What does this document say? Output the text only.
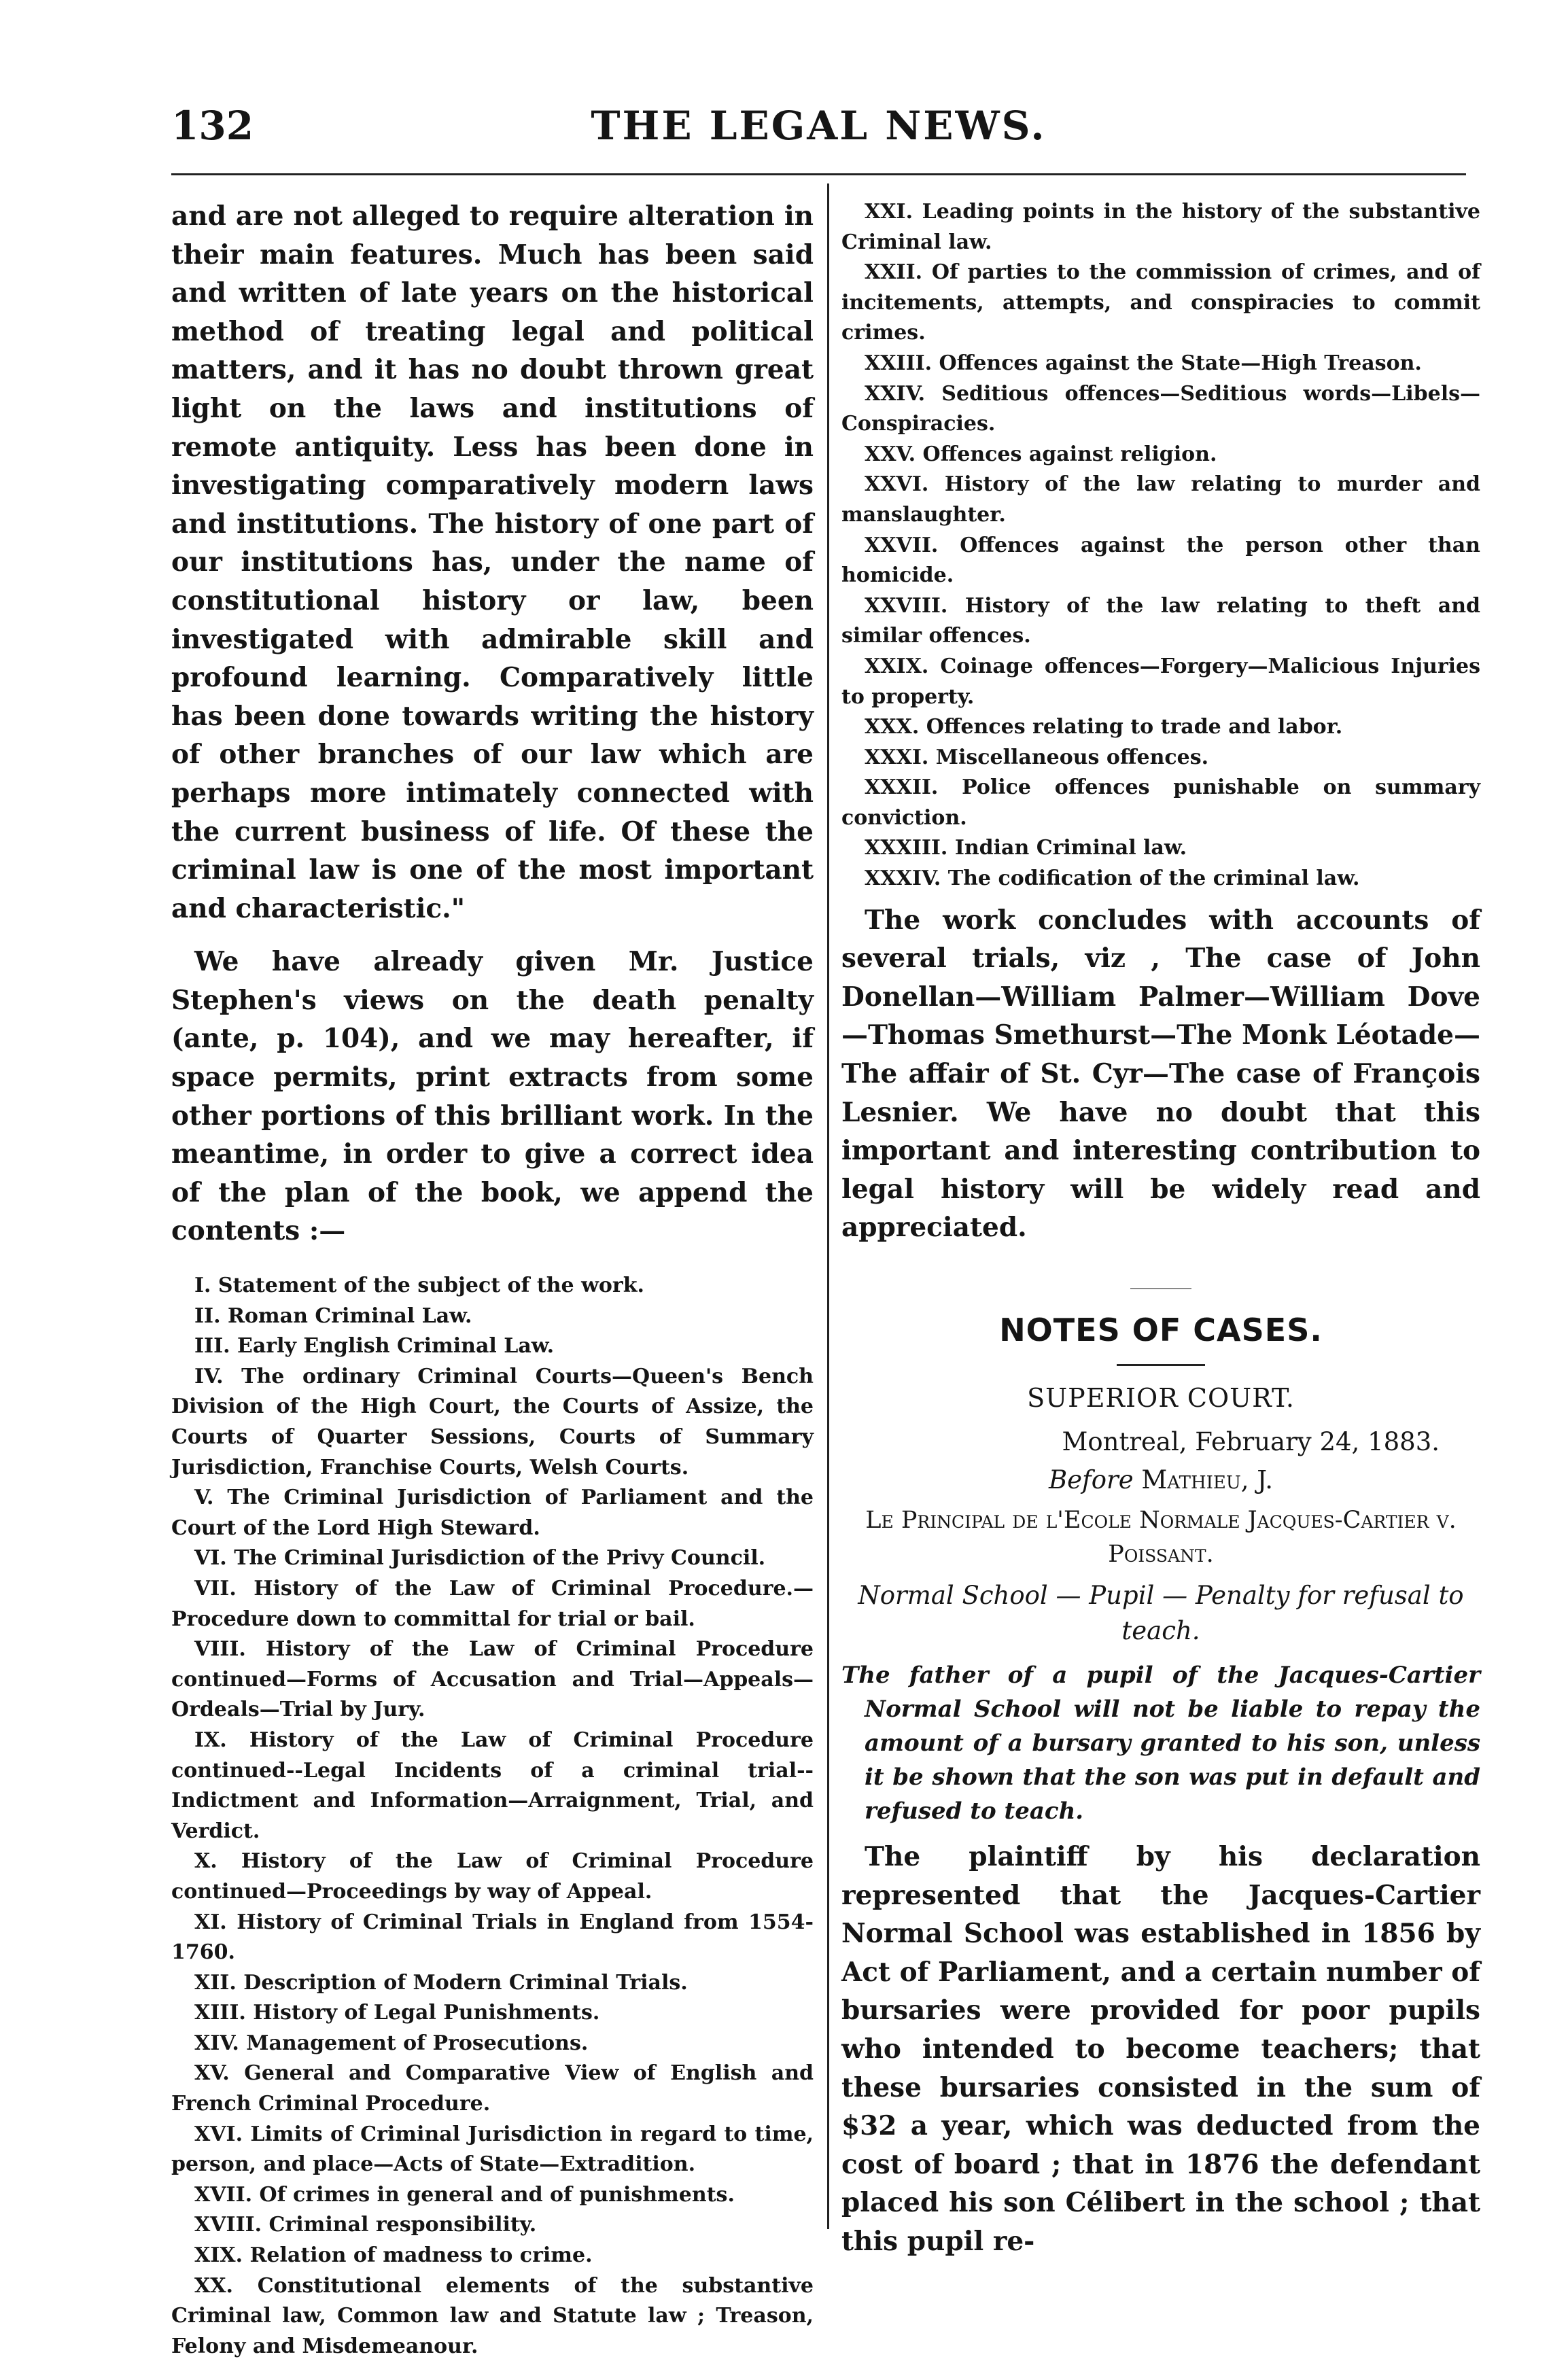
132	THE LEGAL NEWS.

and are not alleged to require alteration in their main features. Much has been said and written of late years on the historical method of treating legal and political matters, and it has no doubt thrown great light on the laws and institutions of remote antiquity. Less has been done in investigating comparatively modern laws and institutions. The history of one part of our institutions has, under the name of constitutional history or law, been investigated with admirable skill and profound learning. Comparatively little has been done towards writing the history of other branches of our law which are perhaps more intimately connected with the current business of life. Of these the criminal law is one of the most important and characteristic."

We have already given Mr. Justice Stephen's views on the death penalty (ante, p. 104), and we may hereafter, if space permits, print extracts from some other portions of this brilliant work. In the meantime, in order to give a correct idea of the plan of the book, we append the contents :—

I. Statement of the subject of the work.

II. Roman Criminal Law.

III. Early English Criminal Law.

IV. The ordinary Criminal Courts—Queen's Bench Division of the High Court, the Courts of Assize, the Courts of Quarter Sessions, Courts of Summary Jurisdiction, Franchise Courts, Welsh Courts.

V. The Criminal Jurisdiction of Parliament and the Court of the Lord High Steward.

VI. The Criminal Jurisdiction of the Privy Council.

VII. History of the Law of Criminal Procedure.—Procedure down to committal for trial or bail.

VIII. History of the Law of Criminal Procedure continued—Forms of Accusation and Trial—Appeals—Ordeals—Trial by Jury.

IX. History of the Law of Criminal Procedure continued--Legal Incidents of a criminal trial--Indictment and Information—Arraignment, Trial, and Verdict.

X. History of the Law of Criminal Procedure continued—Proceedings by way of Appeal.

XI. History of Criminal Trials in England from 1554-1760.

XII. Description of Modern Criminal Trials.

XIII. History of Legal Punishments.

XIV. Management of Prosecutions.

XV. General and Comparative View of English and French Criminal Procedure.

XVI. Limits of Criminal Jurisdiction in regard to time, person, and place—Acts of State—Extradition.

XVII. Of crimes in general and of punishments.

XVIII. Criminal responsibility.

XIX. Relation of madness to crime.

XX. Constitutional elements of the substantive Criminal law, Common law and Statute law ; Treason, Felony and Misdemeanour.

XXI. Leading points in the history of the substantive Criminal law.

XXII. Of parties to the commission of crimes, and of incitements, attempts, and conspiracies to commit crimes.

XXIII. Offences against the State—High Treason.

XXIV. Seditious offences—Seditious words—Libels—Conspiracies.

XXV. Offences against religion.

XXVI. History of the law relating to murder and manslaughter.

XXVII. Offences against the person other than homicide.

XXVIII. History of the law relating to theft and similar offences.

XXIX. Coinage offences—Forgery—Malicious Injuries to property.

XXX. Offences relating to trade and labor.

XXXI. Miscellaneous offences.

XXXII. Police offences punishable on summary conviction.

XXXIII. Indian Criminal law.

XXXIV. The codification of the criminal law.

The work concludes with accounts of several trials, viz , The case of John Donellan—William Palmer—William Dove—Thomas Smethurst—The Monk Léotade—The affair of St. Cyr—The case of François Lesnier. We have no doubt that this important and interesting contribution to legal history will be widely read and appreciated.

NOTES OF CASES.

SUPERIOR COURT.

Montreal, February 24, 1883.

Before Mathieu, J.

Le Principal de l'Ecole Normale Jacques-Cartier v. Poissant.

Normal School — Pupil — Penalty for refusal to teach.

The father of a pupil of the Jacques-Cartier Normal School will not be liable to repay the amount of a bursary granted to his son, unless it be shown that the son was put in default and refused to teach.

The plaintiff by his declaration represented that the Jacques-Cartier Normal School was established in 1856 by Act of Parliament, and a certain number of bursaries were provided for poor pupils who intended to become teachers; that these bursaries consisted in the sum of $32 a year, which was deducted from the cost of board ; that in 1876 the defendant placed his son Célibert in the school ; that this pupil re-
